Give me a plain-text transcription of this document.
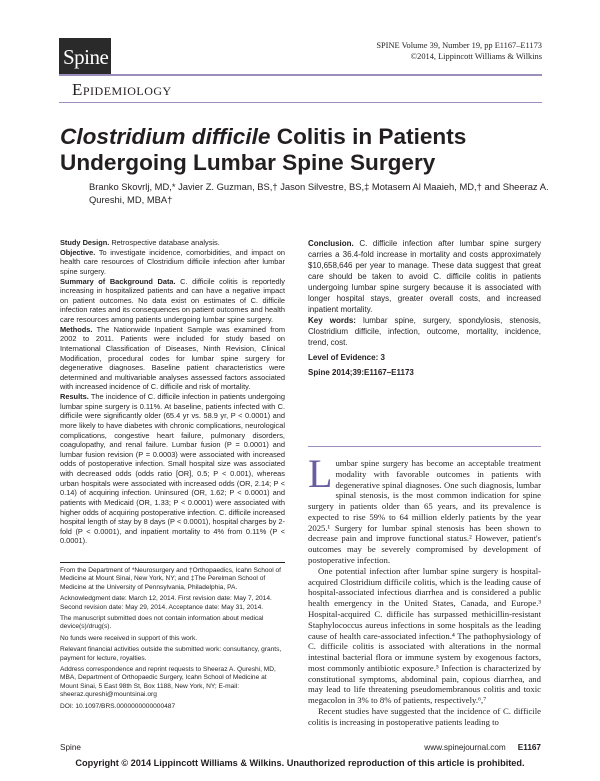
Spine	SPINE Volume 39, Number 19, pp E1167–E1173
©2014, Lippincott Williams & Wilkins
Epidemiology
Clostridium difficile Colitis in Patients Undergoing Lumbar Spine Surgery
Branko Skovrlj, MD,* Javier Z. Guzman, BS,† Jason Silvestre, BS,‡ Motasem Al Maaieh, MD,† and Sheeraz A. Qureshi, MD, MBA†

Study Design. Retrospective database analysis.

Objective. To investigate incidence, comorbidities, and impact on health care resources of Clostridium difficile infection after lumbar spine surgery.

Summary of Background Data. C. difficile colitis is reportedly increasing in hospitalized patients and can have a negative impact on patient outcomes. No data exist on estimates of C. difficile infection rates and its consequences on patient outcomes and health care resources among patients undergoing lumbar spine surgery.

Methods. The Nationwide Inpatient Sample was examined from 2002 to 2011. Patients were included for study based on International Classification of Diseases, Ninth Revision, Clinical Modification, procedural codes for lumbar spine surgery for degenerative diagnoses. Baseline patient characteristics were determined and multivariable analyses assessed factors associated with increased incidence of C. difficile and risk of mortality.

Results. The incidence of C. difficile infection in patients undergoing lumbar spine surgery is 0.11%. At baseline, patients infected with C. difficile were significantly older (65.4 yr vs. 58.9 yr, P < 0.0001) and more likely to have diabetes with chronic complications, neurological complications, congestive heart failure, pulmonary disorders, coagulopathy, and renal failure. Lumbar fusion (P = 0.0001) and lumbar fusion revision (P = 0.0003) were associated with increased odds of postoperative infection. Small hospital size was associated with decreased odds (odds ratio [OR], 0.5; P < 0.001), whereas urban hospitals were associated with increased odds (OR, 2.14; P < 0.14) of acquiring infection. Uninsured (OR, 1.62; P < 0.0001) and patients with Medicaid (OR, 1.33; P < 0.0001) were associated with higher odds of acquiring postoperative infection. C. difficile increased hospital length of stay by 8 days (P < 0.0001), hospital charges by 2-fold (P < 0.0001), and inpatient mortality to 4% from 0.11% (P < 0.0001).

Conclusion. C. difficile infection after lumbar spine surgery carries a 36.4-fold increase in mortality and costs approximately $10,658,646 per year to manage. These data suggest that great care should be taken to avoid C. difficile colitis in patients undergoing lumbar spine surgery because it is associated with longer hospital stays, greater overall costs, and increased inpatient mortality.

Key words: lumbar spine, surgery, spondylosis, stenosis, Clostridium difficile, infection, outcome, mortality, incidence, trend, cost.

Level of Evidence: 3

Spine 2014;39:E1167–E1173

Lumbar spine surgery has become an acceptable treatment modality with favorable outcomes in patients with degenerative spinal diagnoses. One such diagnosis, lumbar spinal stenosis, is the most common indication for spine surgery in patients older than 65 years, and its prevalence is expected to rise 59% to 64 million elderly patients by the year 2025.¹ Surgery for lumbar spinal stenosis has been shown to decrease pain and improve functional status.² However, patient's outcomes may be severely compromised by development of postoperative infection.

One potential infection after lumbar spine surgery is hospital-acquired Clostridium difficile colitis, which is the leading cause of hospital-associated infectious diarrhea and is considered a public health emergency in the United States, Canada, and Europe.³ Hospital-acquired C. difficile has surpassed methicillin-resistant Staphylococcus aureus infections in some hospitals as the leading cause of health care-associated infection.⁴ The pathophysiology of C. difficile colitis is associated with alterations in the normal intestinal bacterial flora or immune system by exogenous factors, most commonly antibiotic exposure.⁵ Infection is characterized by constitutional symptoms, abdominal pain, copious diarrhea, and may lead to life threatening pseudomembranous colitis and toxic megacolon in 3% to 8% of patients, respectively.⁶,⁷

Recent studies have suggested that the incidence of C. difficile colitis is increasing in postoperative patients leading to

From the Department of *Neurosurgery and †Orthopaedics, Icahn School of Medicine at Mount Sinai, New York, NY; and ‡The Perelman School of Medicine at the University of Pennsylvania, Philadelphia, PA.

Acknowledgment date: March 12, 2014. First revision date: May 7, 2014. Second revision date: May 29, 2014. Acceptance date: May 31, 2014.

The manuscript submitted does not contain information about medical device(s)/drug(s).

No funds were received in support of this work.

Relevant financial activities outside the submitted work: consultancy, grants, payment for lecture, royalties.

Address correspondence and reprint requests to Sheeraz A. Qureshi, MD, MBA, Department of Orthopaedic Surgery, Icahn School of Medicine at Mount Sinai, 5 East 98th St, Box 1188, New York, NY; E-mail: sheeraz.qureshi@mountsinai.org

DOI: 10.1097/BRS.0000000000000487

Spine	www.spinejournal.com E1167
Copyright © 2014 Lippincott Williams & Wilkins. Unauthorized reproduction of this article is prohibited.
